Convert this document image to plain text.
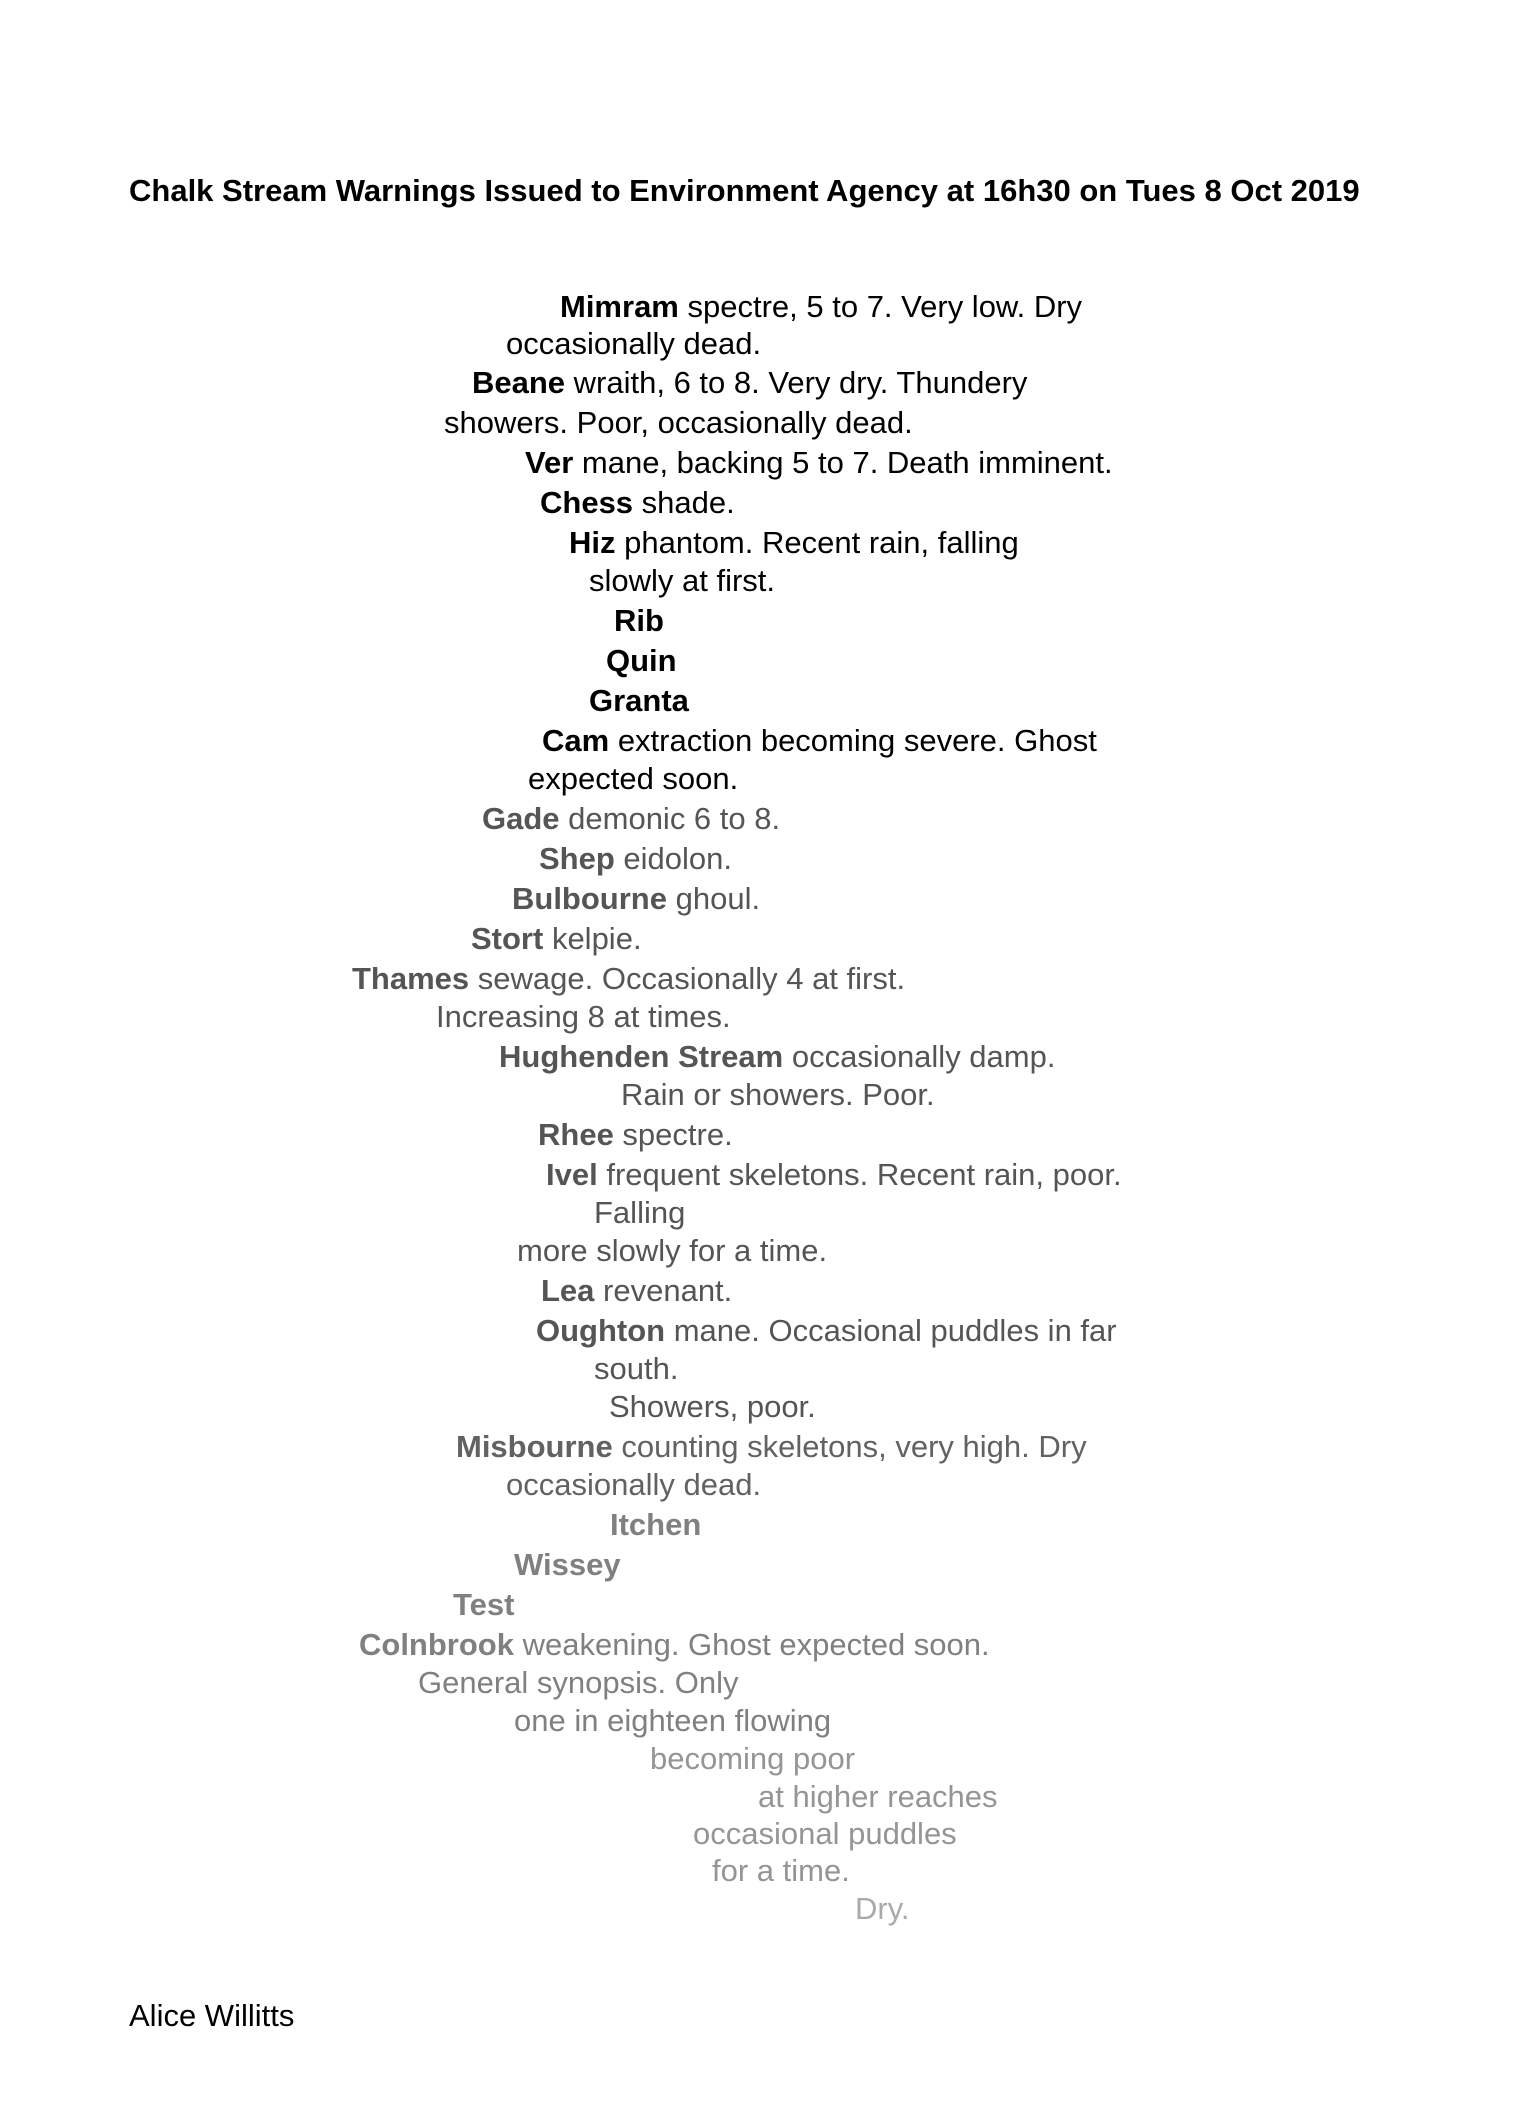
Chalk Stream Warnings Issued to Environment Agency at 16h30 on Tues 8 Oct 2019
Mimram spectre, 5 to 7. Very low. Dry
occasionally dead.
Beane wraith, 6 to 8. Very dry. Thundery
showers. Poor, occasionally dead.
Ver mane, backing 5 to 7. Death imminent.
Chess shade.
Hiz phantom. Recent rain, falling
slowly at first.
Rib
Quin
Granta
Cam extraction becoming severe. Ghost
expected soon.
Gade demonic 6 to 8.
Shep eidolon.
Bulbourne ghoul.
Stort kelpie.
Thames sewage. Occasionally 4 at first.
Increasing 8 at times.
Hughenden Stream occasionally damp.
Rain or showers. Poor.
Rhee spectre.
Ivel frequent skeletons. Recent rain, poor.
Falling
more slowly for a time.
Lea revenant.
Oughton mane. Occasional puddles in far
south.
Showers, poor.
Misbourne counting skeletons, very high. Dry
occasionally dead.
Itchen
Wissey
Test
Colnbrook weakening. Ghost expected soon.
General synopsis. Only
one in eighteen flowing
becoming poor
at higher reaches
occasional puddles
for a time.
Dry.
Alice Willitts
